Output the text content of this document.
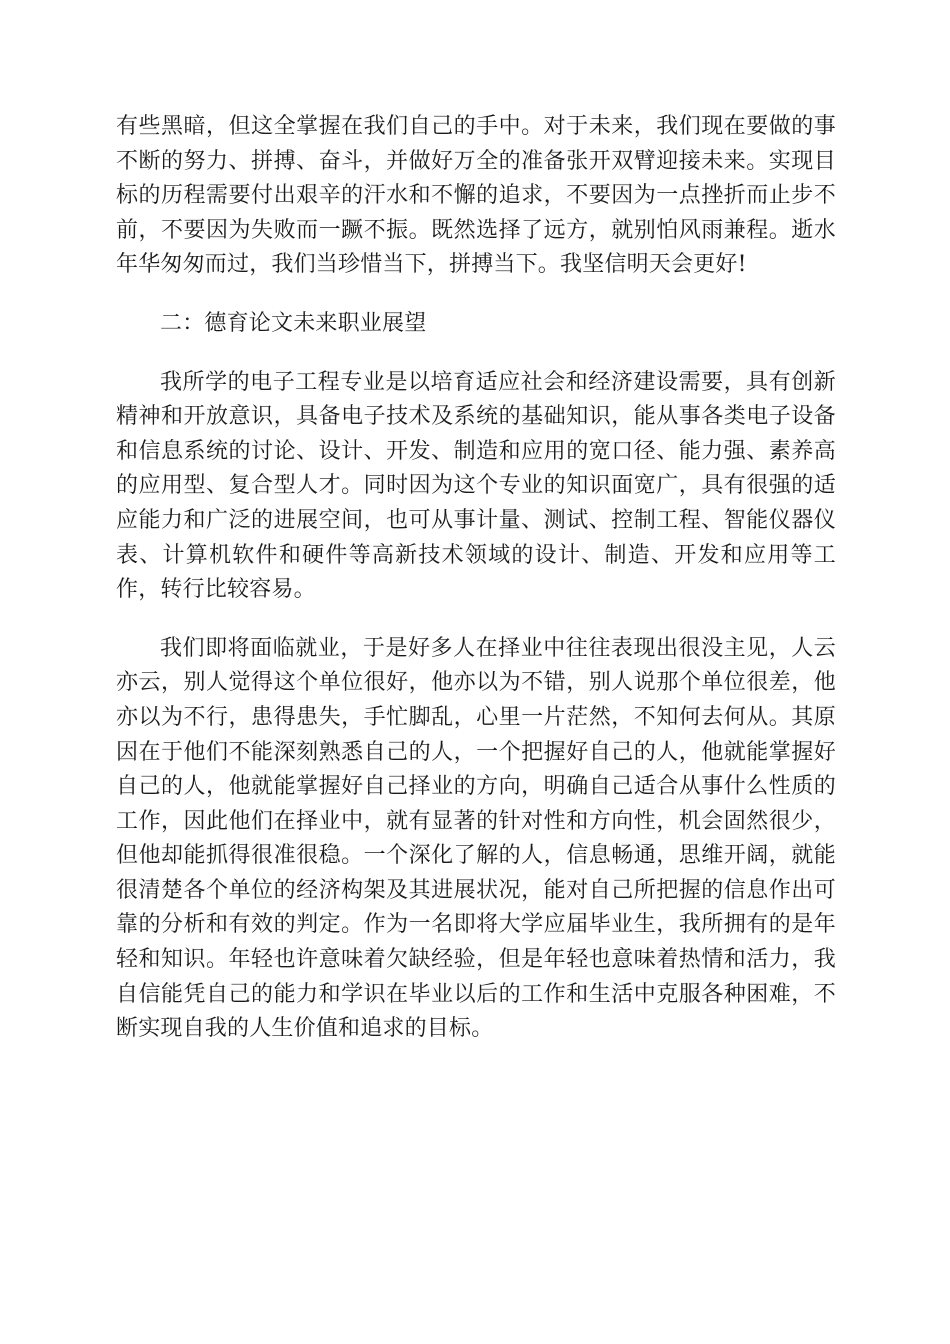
有些黑暗，但这全掌握在我们自己的手中。对于未来，我们现在要做的事不断的努力、拼搏、奋斗，并做好万全的准备张开双臂迎接未来。实现目标的历程需要付出艰辛的汗水和不懈的追求，不要因为一点挫折而止步不前，不要因为失败而一蹶不振。既然选择了远方，就别怕风雨兼程。逝水年华匆匆而过，我们当珍惜当下，拼搏当下。我坚信明天会更好!

二：德育论文未来职业展望

我所学的电子工程专业是以培育适应社会和经济建设需要，具有创新精神和开放意识，具备电子技术及系统的基础知识，能从事各类电子设备和信息系统的讨论、设计、开发、制造和应用的宽口径、能力强、素养高的应用型、复合型人才。同时因为这个专业的知识面宽广，具有很强的适应能力和广泛的进展空间，也可从事计量、测试、控制工程、智能仪器仪表、计算机软件和硬件等高新技术领域的设计、制造、开发和应用等工作，转行比较容易。

我们即将面临就业，于是好多人在择业中往往表现出很没主见，人云亦云，别人觉得这个单位很好，他亦以为不错，别人说那个单位很差，他亦以为不行，患得患失，手忙脚乱，心里一片茫然，不知何去何从。其原因在于他们不能深刻熟悉自己的人，一个把握好自己的人，他就能掌握好自己的人，他就能掌握好自己择业的方向，明确自己适合从事什么性质的工作，因此他们在择业中，就有显著的针对性和方向性，机会固然很少，但他却能抓得很准很稳。一个深化了解的人，信息畅通，思维开阔，就能很清楚各个单位的经济构架及其进展状况，能对自己所把握的信息作出可靠的分析和有效的判定。作为一名即将大学应届毕业生，我所拥有的是年轻和知识。年轻也许意味着欠缺经验，但是年轻也意味着热情和活力，我自信能凭自己的能力和学识在毕业以后的工作和生活中克服各种困难，不断实现自我的人生价值和追求的目标。
